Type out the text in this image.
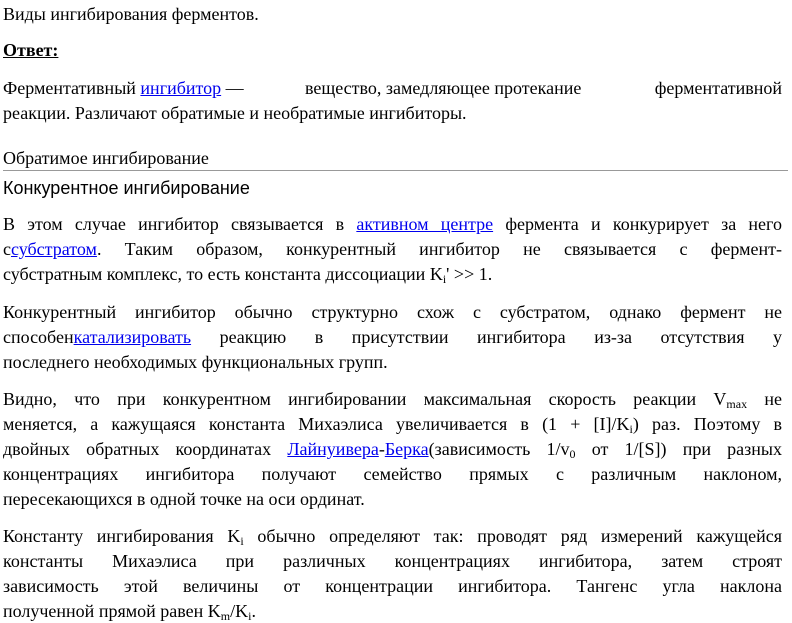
Виды ингибирования ферментов.
Ответ:
Ферментативный ингибитор —	вещество, замедляющее протекание	ферментативной
реакции. Различают обратимые и необратимые ингибиторы.
Обратимое ингибирование
Конкурентное ингибирование
В этом случае ингибитор связывается в активном центре фермента и конкурирует за него
ссубстратом. Таким образом, конкурентный ингибитор не связывается с фермент-
субстратным комплекс, то есть константа диссоциации $K_i' >> 1$.
Конкурентный ингибитор обычно структурно схож с субстратом, однако фермент не
способенкатализировать реакцию в присутствии ингибитора из-за отсутствия у
последнего необходимых функциональных групп.
Видно, что при конкурентном ингибировании максимальная скорость реакции $V_{max}$ не
меняется, а кажущаяся константа Михаэлиса увеличивается в $(1 + [I]/K_i)$ раз. Поэтому в
двойных обратных координатах Лайнуивера-Берка(зависимость $1/v_0$ от 1/[S]) при разных
концентрациях ингибитора получают семейство прямых с различным наклоном,
пересекающихся в одной точке на оси ординат.
Константу ингибирования $K_i$ обычно определяют так: проводят ряд измерений кажущейся
константы Михаэлиса при различных концентрациях ингибитора, затем строят
зависимость этой величины от концентрации ингибитора. Тангенс угла наклона
полученной прямой равен $K_m/K_i$.
